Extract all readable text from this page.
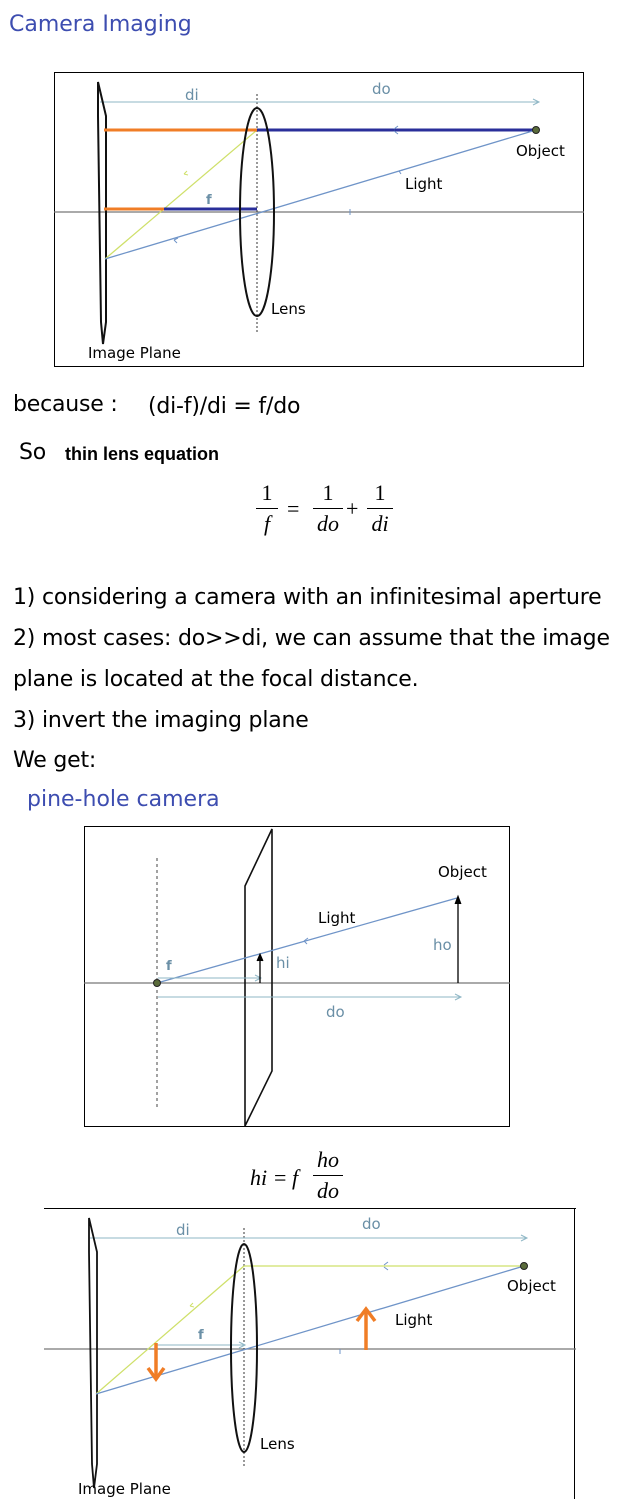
Camera Imaging
di	do
Object
Light
f
Lens
Image Plane
because : (di-f)/di = f/do
So thin lens equation
1
f
=
1
do
+
1
di
1) considering a camera with an infinitesimal aperture
2) most cases: do>>di, we can assume that the image
plane is located at the focal distance.
3) invert the imaging plane
We get:
pine-hole camera
Object
Light
ho
f	hi
do
hi = f
ho
do
di	do
Object
Light
f
Lens
Image Plane
